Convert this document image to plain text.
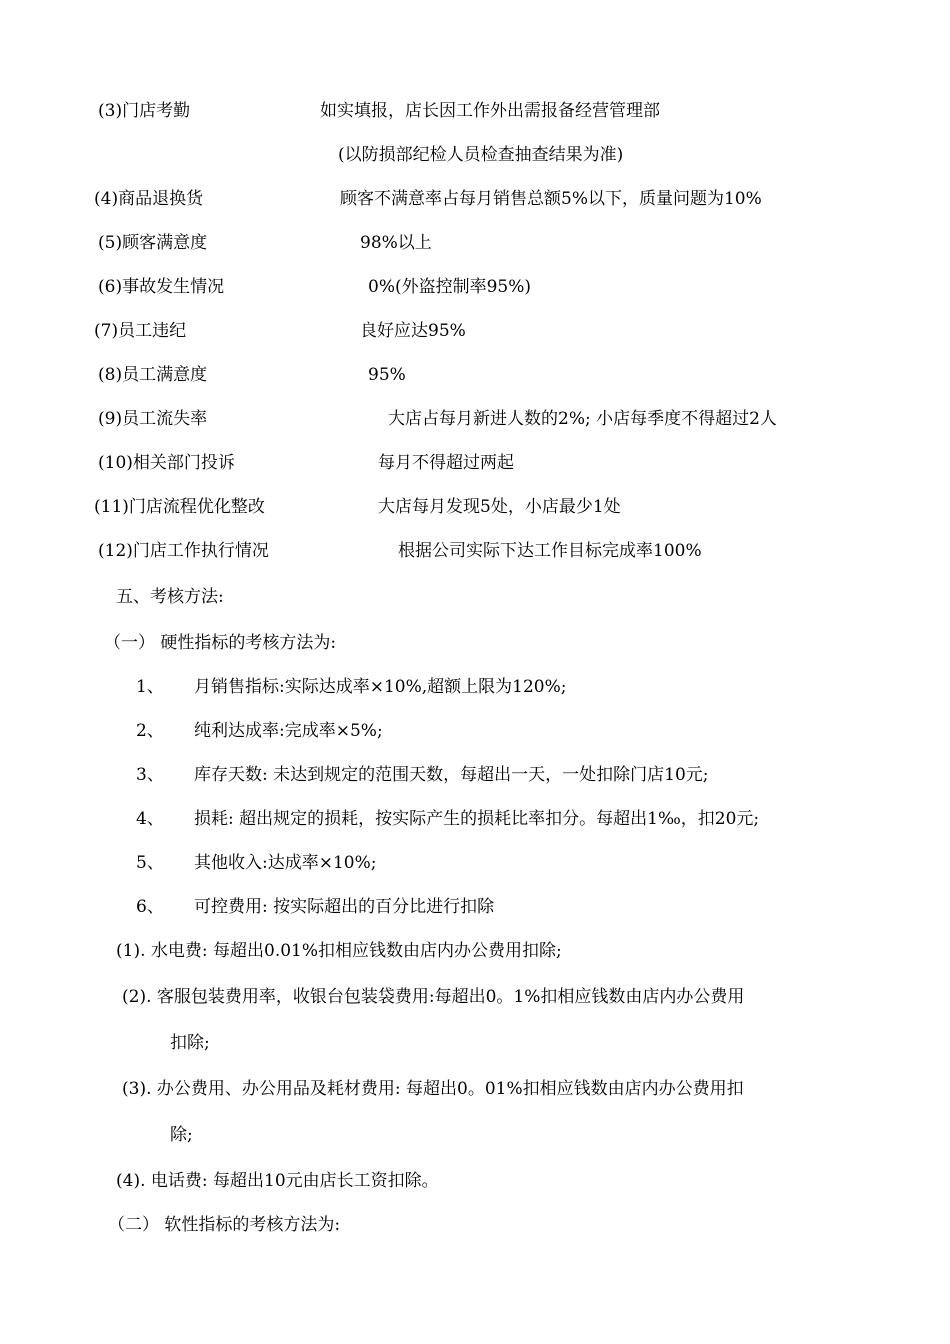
(3)门店考勤	如实填报，店长因工作外出需报备经营管理部
(以防损部纪检人员检查抽查结果为准)
(4)商品退换货	顾客不满意率占每月销售总额5%以下，质量问题为10%
(5)顾客满意度	98%以上
(6)事故发生情况	0%(外盗控制率95%)
(7)员工违纪	良好应达95%
(8)员工满意度	95%
(9)员工流失率	大店占每月新进人数的2%; 小店每季度不得超过2人
(10)相关部门投诉	每月不得超过两起
(11)门店流程优化整改	大店每月发现5处，小店最少1处
(12)门店工作执行情况	根据公司实际下达工作目标完成率100%
五、考核方法:
（一） 硬性指标的考核方法为:
1、 月销售指标:实际达成率×10%,超额上限为120%;
2、 纯利达成率:完成率×5%;
3、 库存天数: 未达到规定的范围天数，每超出一天，一处扣除门店10元;
4、 损耗: 超出规定的损耗，按实际产生的损耗比率扣分。每超出1‰，扣20元;
5、 其他收入:达成率×10%;
6、 可控费用: 按实际超出的百分比进行扣除
(1). 水电费: 每超出0.01%扣相应钱数由店内办公费用扣除;
(2). 客服包装费用率，收银台包装袋费用:每超出0。1%扣相应钱数由店内办公费用
扣除;
(3). 办公费用、办公用品及耗材费用: 每超出0。01%扣相应钱数由店内办公费用扣
除;
(4). 电话费: 每超出10元由店长工资扣除。
（二） 软性指标的考核方法为:
